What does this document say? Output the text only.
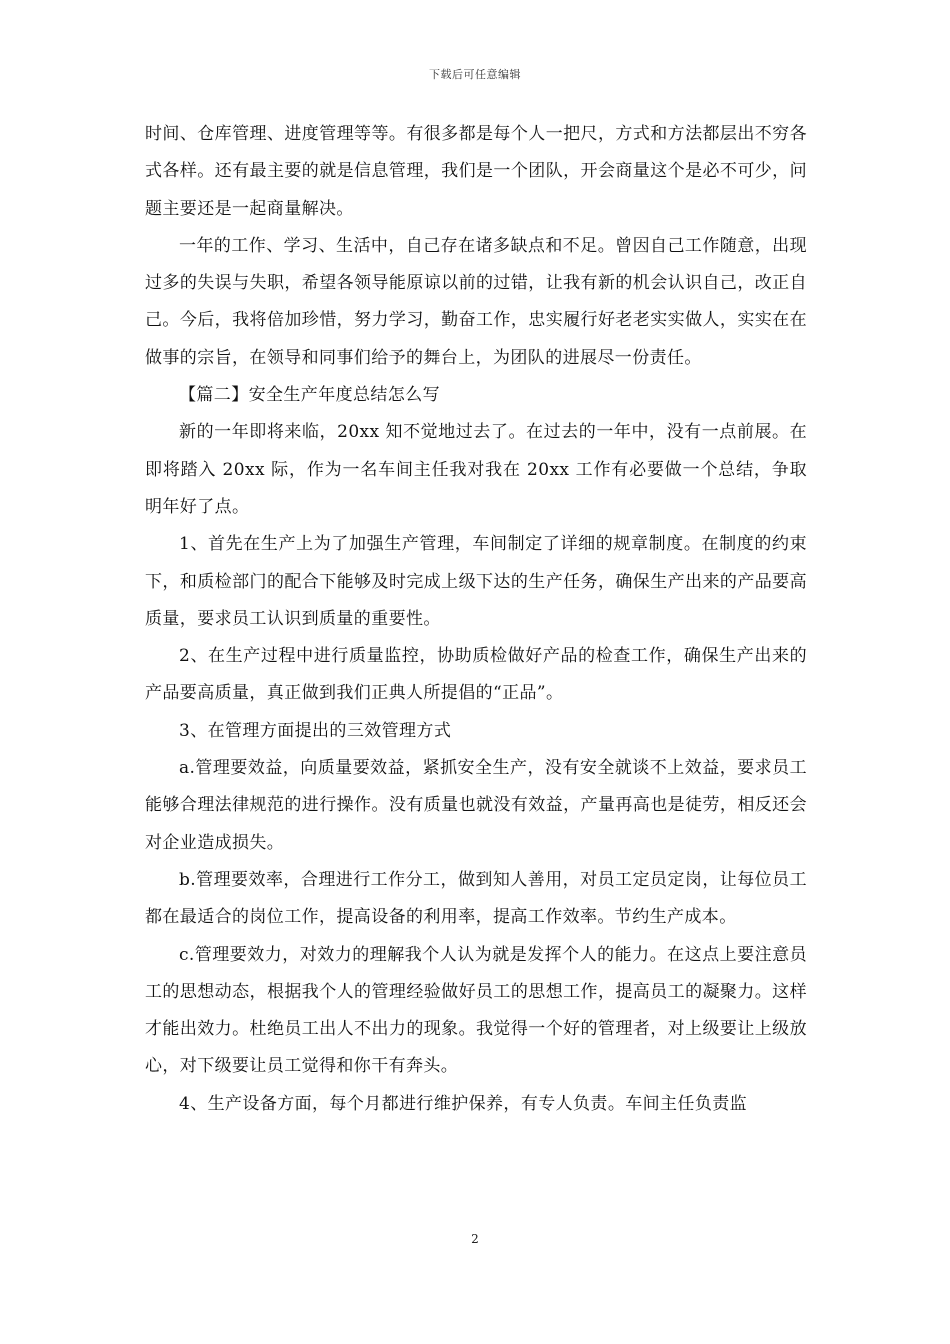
下载后可任意编辑

时间、仓库管理、进度管理等等。有很多都是每个人一把尺，方式和方法都层出不穷各式各样。还有最主要的就是信息管理，我们是一个团队，开会商量这个是必不可少，问题主要还是一起商量解决。

一年的工作、学习、生活中，自己存在诸多缺点和不足。曾因自己工作随意，出现过多的失误与失职，希望各领导能原谅以前的过错，让我有新的机会认识自己，改正自己。今后，我将倍加珍惜，努力学习，勤奋工作，忠实履行好老老实实做人，实实在在做事的宗旨，在领导和同事们给予的舞台上，为团队的进展尽一份责任。

【篇二】安全生产年度总结怎么写

新的一年即将来临，20xx 知不觉地过去了。在过去的一年中，没有一点前展。在即将踏入 20xx 际，作为一名车间主任我对我在 20xx 工作有必要做一个总结，争取明年好了点。

1、首先在生产上为了加强生产管理，车间制定了详细的规章制度。在制度的约束下，和质检部门的配合下能够及时完成上级下达的生产任务，确保生产出来的产品要高质量，要求员工认识到质量的重要性。

2、在生产过程中进行质量监控，协助质检做好产品的检查工作，确保生产出来的产品要高质量，真正做到我们正典人所提倡的“正品”。

3、在管理方面提出的三效管理方式

a.管理要效益，向质量要效益，紧抓安全生产，没有安全就谈不上效益，要求员工能够合理法律规范的进行操作。没有质量也就没有效益，产量再高也是徒劳，相反还会对企业造成损失。

b.管理要效率，合理进行工作分工，做到知人善用，对员工定员定岗，让每位员工都在最适合的岗位工作，提高设备的利用率，提高工作效率。节约生产成本。

c.管理要效力，对效力的理解我个人认为就是发挥个人的能力。在这点上要注意员工的思想动态，根据我个人的管理经验做好员工的思想工作，提高员工的凝聚力。这样才能出效力。杜绝员工出人不出力的现象。我觉得一个好的管理者，对上级要让上级放心，对下级要让员工觉得和你干有奔头。

4、生产设备方面，每个月都进行维护保养，有专人负责。车间主任负责监

2
